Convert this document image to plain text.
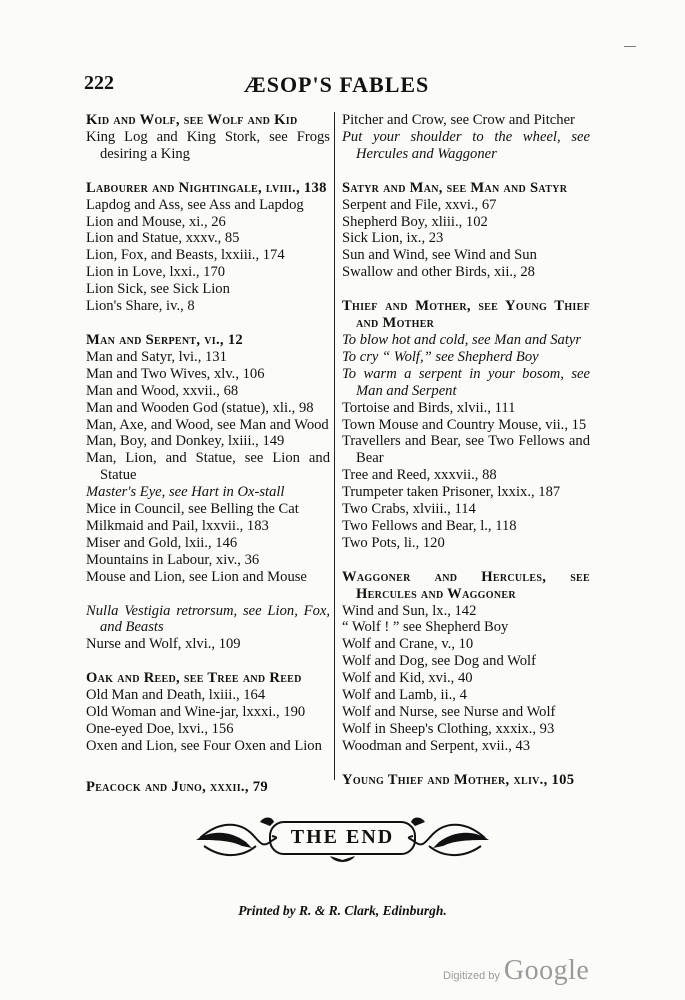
—
222	ÆSOP'S FABLES
Kid and Wolf, see Wolf and Kid
King Log and King Stork, see Frogs desiring a King
Labourer and Nightingale, lviii., 138
Lapdog and Ass, see Ass and Lapdog
Lion and Mouse, xi., 26
Lion and Statue, xxxv., 85
Lion, Fox, and Beasts, lxxiii., 174
Lion in Love, lxxi., 170
Lion Sick, see Sick Lion
Lion's Share, iv., 8
Man and Serpent, vi., 12
Man and Satyr, lvi., 131
Man and Two Wives, xlv., 106
Man and Wood, xxvii., 68
Man and Wooden God (statue), xli., 98
Man, Axe, and Wood, see Man and Wood
Man, Boy, and Donkey, lxiii., 149
Man, Lion, and Statue, see Lion and Statue
Master's Eye, see Hart in Ox-stall
Mice in Council, see Belling the Cat
Milkmaid and Pail, lxxvii., 183
Miser and Gold, lxii., 146
Mountains in Labour, xiv., 36
Mouse and Lion, see Lion and Mouse
Nulla Vestigia retrorsum, see Lion, Fox, and Beasts
Nurse and Wolf, xlvi., 109
Oak and Reed, see Tree and Reed
Old Man and Death, lxiii., 164
Old Woman and Wine-jar, lxxxi., 190
One-eyed Doe, lxvi., 156
Oxen and Lion, see Four Oxen and Lion
Peacock and Juno, xxxii., 79
Pitcher and Crow, see Crow and Pitcher
Put your shoulder to the wheel, see Hercules and Waggoner
Satyr and Man, see Man and Satyr
Serpent and File, xxvi., 67
Shepherd Boy, xliii., 102
Sick Lion, ix., 23
Sun and Wind, see Wind and Sun
Swallow and other Birds, xii., 28
Thief and Mother, see Young Thief and Mother
To blow hot and cold, see Man and Satyr
To cry “ Wolf,” see Shepherd Boy
To warm a serpent in your bosom, see Man and Serpent
Tortoise and Birds, xlvii., 111
Town Mouse and Country Mouse, vii., 15
Travellers and Bear, see Two Fellows and Bear
Tree and Reed, xxxvii., 88
Trumpeter taken Prisoner, lxxix., 187
Two Crabs, xlviii., 114
Two Fellows and Bear, l., 118
Two Pots, li., 120
Waggoner and Hercules, see Hercules and Waggoner
Wind and Sun, lx., 142
“ Wolf ! ” see Shepherd Boy
Wolf and Crane, v., 10
Wolf and Dog, see Dog and Wolf
Wolf and Kid, xvi., 40
Wolf and Lamb, ii., 4
Wolf and Nurse, see Nurse and Wolf
Wolf in Sheep's Clothing, xxxix., 93
Woodman and Serpent, xvii., 43
Young Thief and Mother, xliv., 105
THE END
Printed by R. & R. Clark, Edinburgh.
Digitized by Google
